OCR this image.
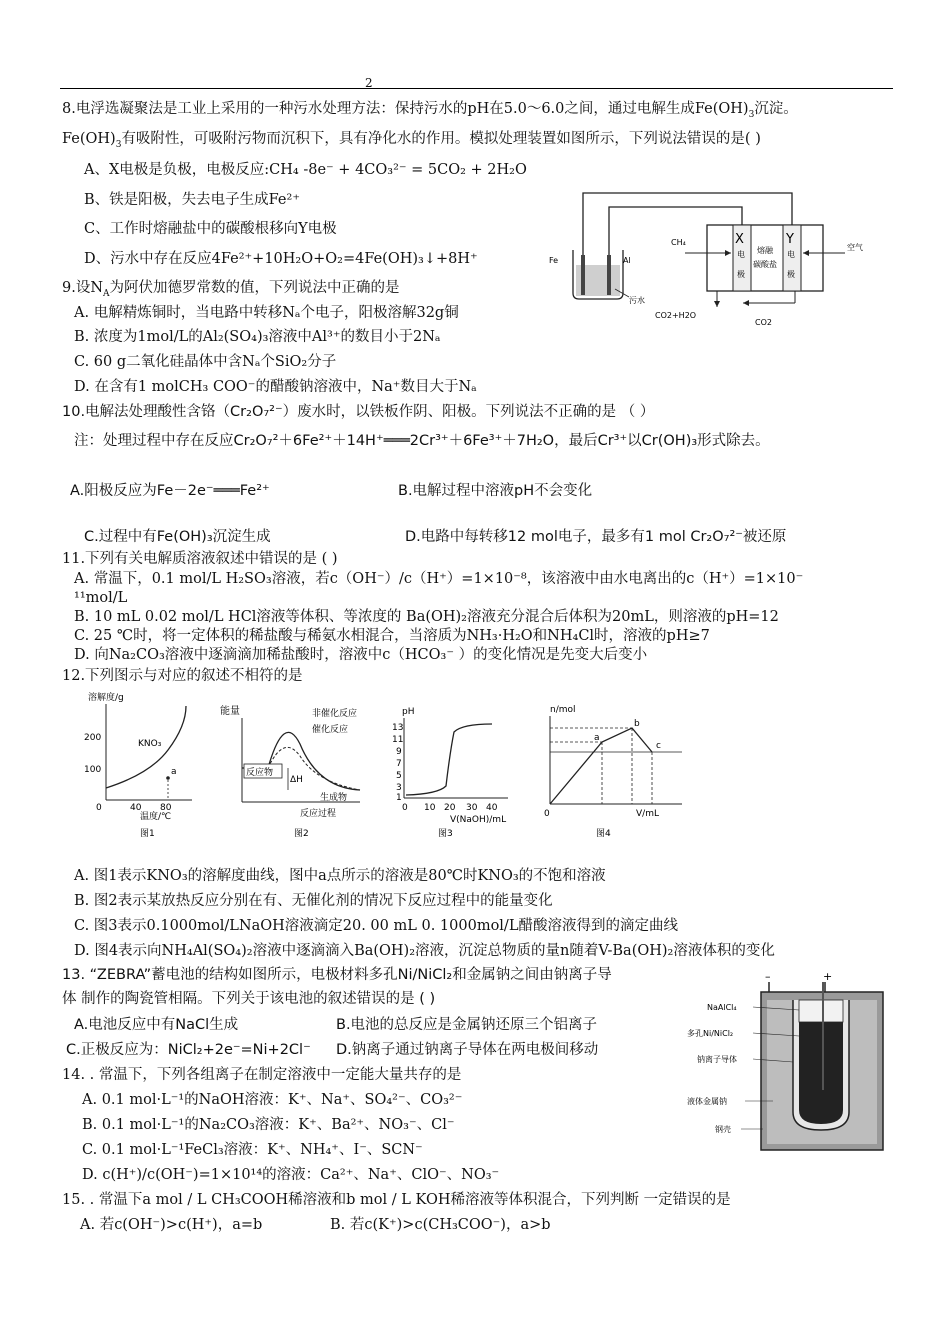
2
8.电浮选凝聚法是工业上采用的一种污水处理方法：保持污水的pH在5.0～6.0之间，通过电解生成$Fe(OH)_3$沉淀。
$Fe(OH)_3$有吸附性，可吸附污物而沉积下，具有净化水的作用。模拟处理装置如图所示，下列说法错误的是( )
A、X电极是负极，电极反应:CH₄ -8e⁻ + 4CO₃²⁻ = 5CO₂ + 2H₂O
B、铁是阳极，失去电子生成Fe²⁺
C、工作时熔融盐中的碳酸根移向Y电极
D、污水中存在反应4Fe²⁺+10H₂O+O₂=4Fe(OH)₃↓+8H⁺	Fe	Al
污水
X	Y
电
极
电
极
熔融
碳酸盐
CH₄
空气
CO2+H2O
CO2
9.设$N_A$为阿伏加德罗常数的值，下列说法中正确的是
A. 电解精炼铜时，当电路中转移Nₐ个电子，阳极溶解32g铜
B. 浓度为1mol/L的Al₂(SO₄)₃溶液中Al³⁺的数目小于2Nₐ
C. 60 g二氧化硅晶体中含Nₐ个SiO₂分子
D. 在含有1 molCH₃ COO⁻的醋酸钠溶液中，Na⁺数目大于Nₐ
10.电解法处理酸性含铬（Cr₂O₇²⁻）废水时，以铁板作阴、阳极。下列说法不正确的是 （ ）
注：处理过程中存在反应Cr₂O₇²＋6Fe²⁺＋14H⁺═══2Cr³⁺＋6Fe³⁺＋7H₂O，最后Cr³⁺以Cr(OH)₃形式除去。
A.阳极反应为Fe－2e⁻═══Fe²⁺	B.电解过程中溶液pH不会变化
C.过程中有Fe(OH)₃沉淀生成	D.电路中每转移12 mol电子，最多有1 mol Cr₂O₇²⁻被还原
11.下列有关电解质溶液叙述中错误的是 ( )
A. 常温下，0.1 mol/L H₂SO₃溶液，若c（OH⁻）/c（H⁺）=1×10⁻⁸，该溶液中由水电离出的c（H⁺）=1×10⁻
¹¹mol/L
B. 10 mL 0.02 mol/L HCl溶液等体积、等浓度的 Ba(OH)₂溶液充分混合后体积为20mL，则溶液的pH=12
C. 25 ℃时，将一定体积的稀盐酸与稀氨水相混合，当溶质为NH₃·H₂O和NH₄Cl时，溶液的pH≥7
D. 向Na₂CO₃溶液中逐滴滴加稀盐酸时，溶液中c（HCO₃⁻ ）的变化情况是先变大后变小
12.下列图示与对应的叙述不相符的是
溶解度/g
200
100
0	40 80
温度/℃
KNO₃
a
图1
能量	非催化反应
催化反应
反应物
ΔH
生成物
反应过程
图2
pH
13
11
9
7
5
3
1
0 10 20 30 40
V(NaOH)/mL
图3
n/mol
a
b
c
0	V/mL
图4
A. 图1表示KNO₃的溶解度曲线，图中a点所示的溶液是80℃时KNO₃的不饱和溶液
B. 图2表示某放热反应分别在有、无催化剂的情况下反应过程中的能量变化
C. 图3表示0.1000mol/LNaOH溶液滴定20. 00 mL 0. 1000mol/L醋酸溶液得到的滴定曲线
D. 图4表示向NH₄Al(SO₄)₂溶液中逐滴滴入Ba(OH)₂溶液，沉淀总物质的量n随着V-Ba(OH)₂溶液体积的变化
13. “ZEBRA”蓄电池的结构如图所示，电极材料多孔Ni/NiCl₂和金属钠之间由钠离子导
体 制作的陶瓷管相隔。下列关于该电池的叙述错误的是 ( )
A.电池反应中有NaCl生成	B.电池的总反应是金属钠还原三个铝离子
C.正极反应为：NiCl₂+2e⁻=Ni+2Cl⁻ D.钠离子通过钠离子导体在两电极间移动
–	+
NaAlCl₄
多孔Ni/NiCl₂
钠离子导体
液体金属钠
钢壳
14. . 常温下，下列各组离子在制定溶液中一定能大量共存的是
A. 0.1 mol·L⁻¹的NaOH溶液：K⁺、Na⁺、SO₄²⁻、CO₃²⁻
B. 0.1 mol·L⁻¹的Na₂CO₃溶液：K⁺、Ba²⁺、NO₃⁻、Cl⁻
C. 0.1 mol·L⁻¹FeCl₃溶液：K⁺、NH₄⁺、I⁻、SCN⁻
D. c(H⁺)/c(OH⁻)=1×10¹⁴的溶液：Ca²⁺、Na⁺、ClO⁻、NO₃⁻
15. . 常温下a mol / L CH₃COOH稀溶液和b mol / L KOH稀溶液等体积混合，下列判断 一定错误的是
A. 若c(OH⁻)>c(H⁺)，a=b	B. 若c(K⁺)>c(CH₃COO⁻)，a>b
